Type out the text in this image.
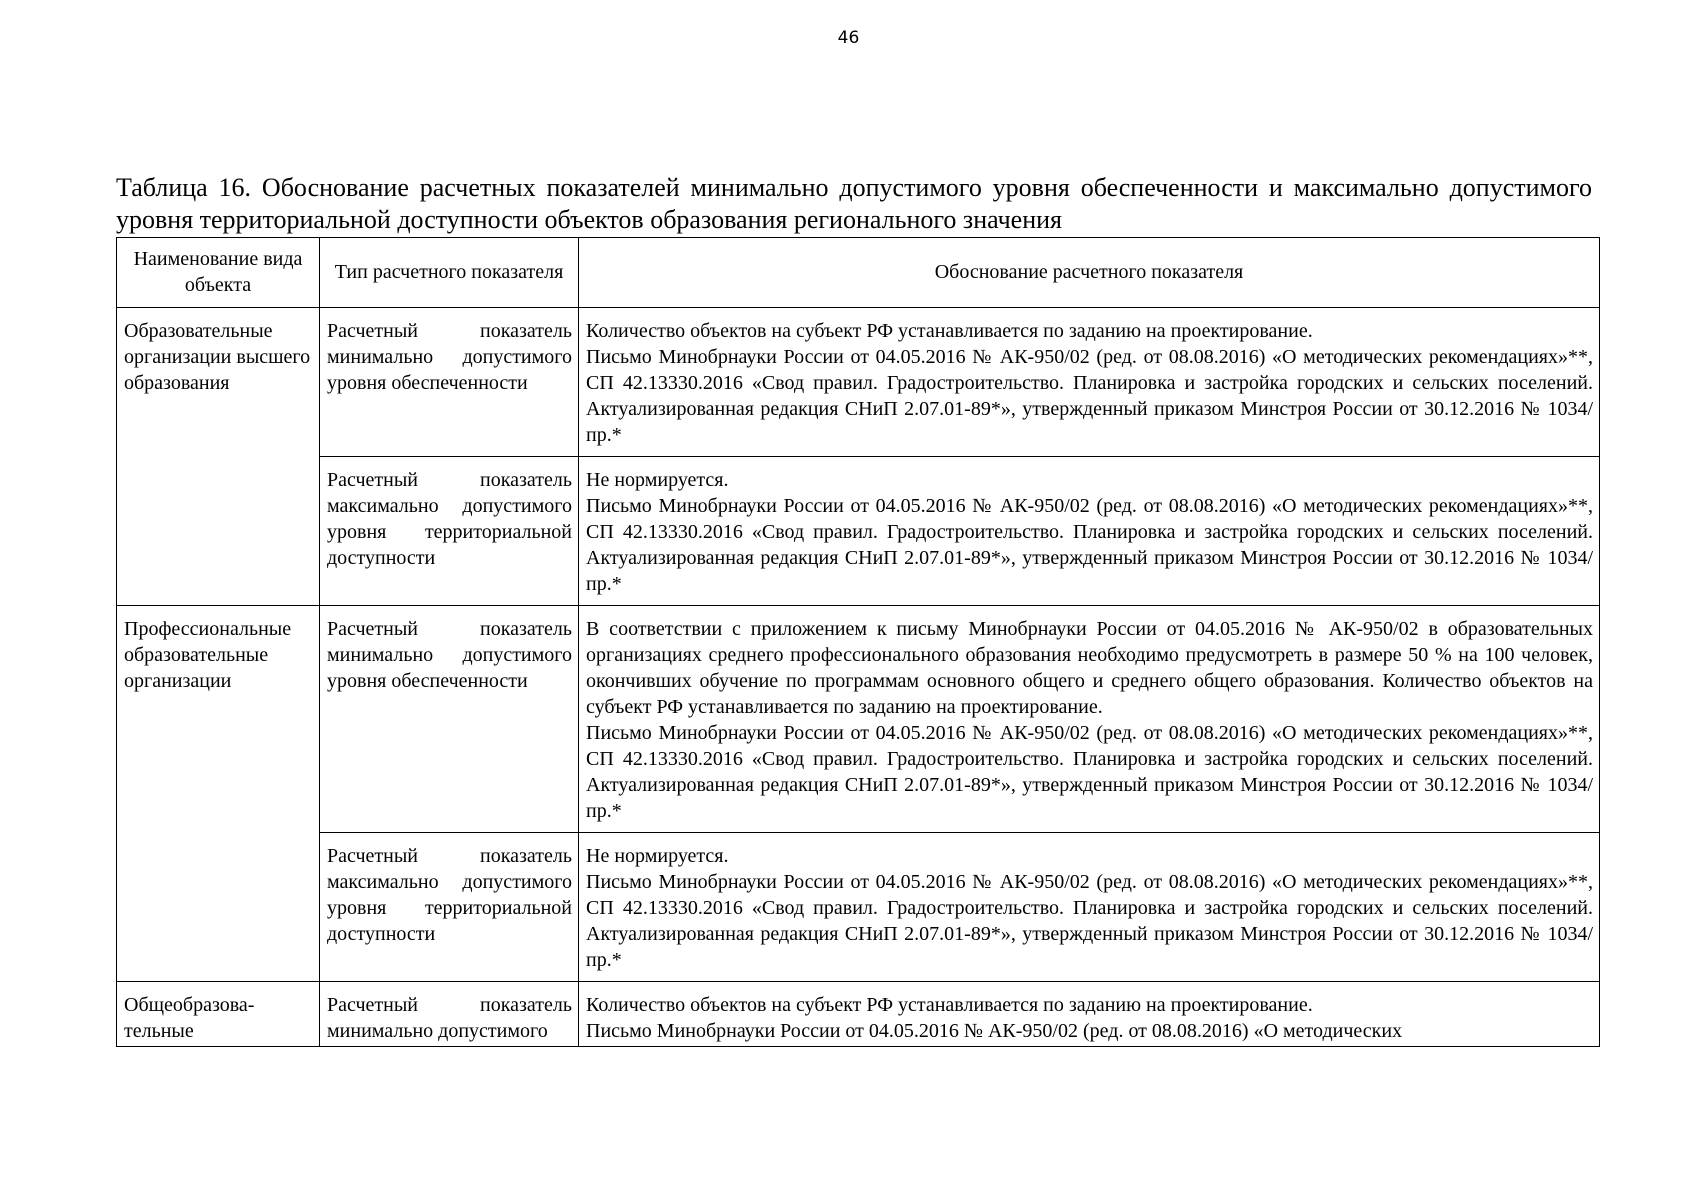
46
Таблица 16. Обоснование расчетных показателей минимально допустимого уровня обеспеченности и максимально допустимого уровня территориальной доступности объектов образования регионального значения
Наименование вида объекта	Тип расчетного показателя	Обоснование расчетного показателя
Образовательные организации высшего образования	Расчетный показатель минимально допустимого уровня обеспеченности	Количество объектов на субъект РФ устанавливается по заданию на проектирование.

Письмо Минобрнауки России от 04.05.2016 № АК-950/02 (ред. от 08.08.2016) «О методических рекомендациях»**, СП 42.13330.2016 «Свод правил. Градостроительство. Планировка и застройка городских и сельских поселений. Актуализированная редакция СНиП 2.07.01-89*», утвержденный приказом Минстроя России от 30.12.2016 № 1034/пр.*

	Расчетный показатель максимально допустимого уровня территориальной доступности	Не нормируется.

Письмо Минобрнауки России от 04.05.2016 № АК-950/02 (ред. от 08.08.2016) «О методических рекомендациях»**, СП 42.13330.2016 «Свод правил. Градостроительство. Планировка и застройка городских и сельских поселений. Актуализированная редакция СНиП 2.07.01-89*», утвержденный приказом Минстроя России от 30.12.2016 № 1034/пр.*

Профессиональные образовательные организации	Расчетный показатель минимально допустимого уровня обеспеченности	В соответствии с приложением к письму Минобрнауки России от 04.05.2016 № АК-950/02 в образовательных организациях среднего профессионального образования необходимо предусмотреть в размере 50 % на 100 человек, окончивших обучение по программам основного общего и среднего общего образования. Количество объектов на субъект РФ устанавливается по заданию на проектирование.

Письмо Минобрнауки России от 04.05.2016 № АК-950/02 (ред. от 08.08.2016) «О методических рекомендациях»**, СП 42.13330.2016 «Свод правил. Градостроительство. Планировка и застройка городских и сельских поселений. Актуализированная редакция СНиП 2.07.01-89*», утвержденный приказом Минстроя России от 30.12.2016 № 1034/пр.*

	Расчетный показатель максимально допустимого уровня территориальной доступности	Не нормируется.

Письмо Минобрнауки России от 04.05.2016 № АК-950/02 (ред. от 08.08.2016) «О методических рекомендациях»**, СП 42.13330.2016 «Свод правил. Градостроительство. Планировка и застройка городских и сельских поселений. Актуализированная редакция СНиП 2.07.01-89*», утвержденный приказом Минстроя России от 30.12.2016 № 1034/пр.*

Общеобразова-тельные	Расчетный показатель минимально допустимого	Количество объектов на субъект РФ устанавливается по заданию на проектирование.

Письмо Минобрнауки России от 04.05.2016 № АК-950/02 (ред. от 08.08.2016) «О методических
